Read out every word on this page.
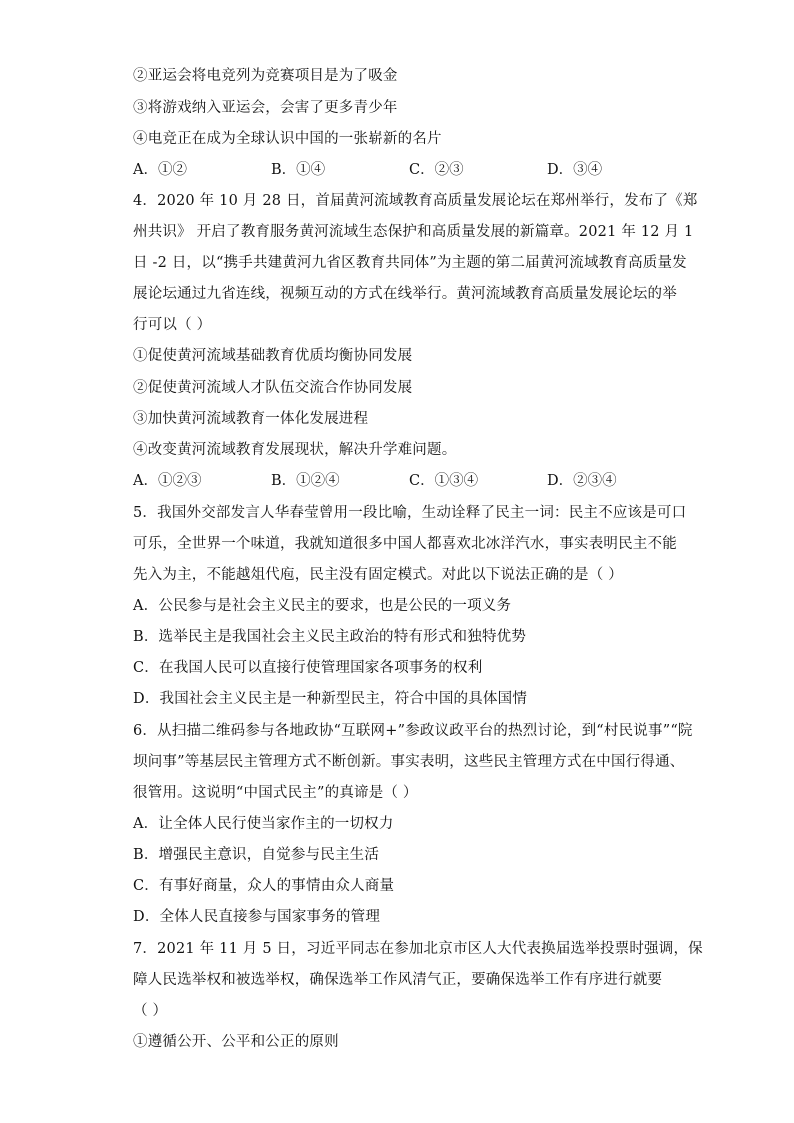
②亚运会将电竞列为竞赛项目是为了吸金
③将游戏纳入亚运会，会害了更多青少年
④电竞正在成为全球认识中国的一张崭新的名片
A．①②	B．①④	C．②③	D．③④
4．2020 年 10 月 28 日，首届黄河流域教育高质量发展论坛在郑州举行，发布了《郑
州共识》 开启了教育服务黄河流域生态保护和高质量发展的新篇章。2021 年 12 月 1
日 -2 日，以“携手共建黄河九省区教育共同体”为主题的第二届黄河流域教育高质量发
展论坛通过九省连线，视频互动的方式在线举行。黄河流域教育高质量发展论坛的举
行可以（ ）
①促使黄河流域基础教育优质均衡协同发展
②促使黄河流域人才队伍交流合作协同发展
③加快黄河流域教育一体化发展进程
④改变黄河流域教育发展现状，解决升学难问题。
A．①②③	B．①②④	C．①③④	D．②③④
5．我国外交部发言人华春莹曾用一段比喻，生动诠释了民主一词：民主不应该是可口
可乐，全世界一个味道，我就知道很多中国人都喜欢北冰洋汽水，事实表明民主不能
先入为主，不能越俎代庖，民主没有固定模式。对此以下说法正确的是（ ）
A．公民参与是社会主义民主的要求，也是公民的一项义务
B．选举民主是我国社会主义民主政治的特有形式和独特优势
C．在我国人民可以直接行使管理国家各项事务的权利
D．我国社会主义民主是一种新型民主，符合中国的具体国情
6．从扫描二维码参与各地政协“互联网+”参政议政平台的热烈讨论，到“村民说事”“院
坝问事”等基层民主管理方式不断创新。事实表明，这些民主管理方式在中国行得通、
很管用。这说明“中国式民主”的真谛是（ ）
A．让全体人民行使当家作主的一切权力
B．增强民主意识，自觉参与民主生活
C．有事好商量，众人的事情由众人商量
D．全体人民直接参与国家事务的管理
7．2021 年 11 月 5 日，习近平同志在参加北京市区人大代表换届选举投票时强调，保
障人民选举权和被选举权，确保选举工作风清气正，要确保选举工作有序进行就要
（ ）
①遵循公开、公平和公正的原则
